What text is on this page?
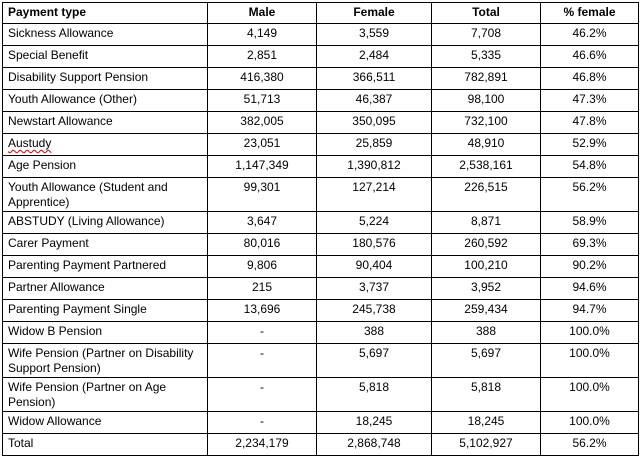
Payment type	Male	Female	Total	% female
Sickness Allowance	4,149	3,559	7,708	46.2%
Special Benefit	2,851	2,484	5,335	46.6%
Disability Support Pension	416,380	366,511	782,891	46.8%
Youth Allowance (Other)	51,713	46,387	98,100	47.3%
Newstart Allowance	382,005	350,095	732,100	47.8%
Austudy	23,051	25,859	48,910	52.9%
Age Pension	1,147,349	1,390,812	2,538,161	54.8%
Youth Allowance (Student and Apprentice)	99,301	127,214	226,515	56.2%
ABSTUDY (Living Allowance)	3,647	5,224	8,871	58.9%
Carer Payment	80,016	180,576	260,592	69.3%
Parenting Payment Partnered	9,806	90,404	100,210	90.2%
Partner Allowance	215	3,737	3,952	94.6%
Parenting Payment Single	13,696	245,738	259,434	94.7%
Widow B Pension	-	388	388	100.0%
Wife Pension (Partner on Disability Support Pension)	-	5,697	5,697	100.0%
Wife Pension (Partner on Age Pension)	-	5,818	5,818	100.0%
Widow Allowance	-	18,245	18,245	100.0%
Total	2,234,179	2,868,748	5,102,927	56.2%
